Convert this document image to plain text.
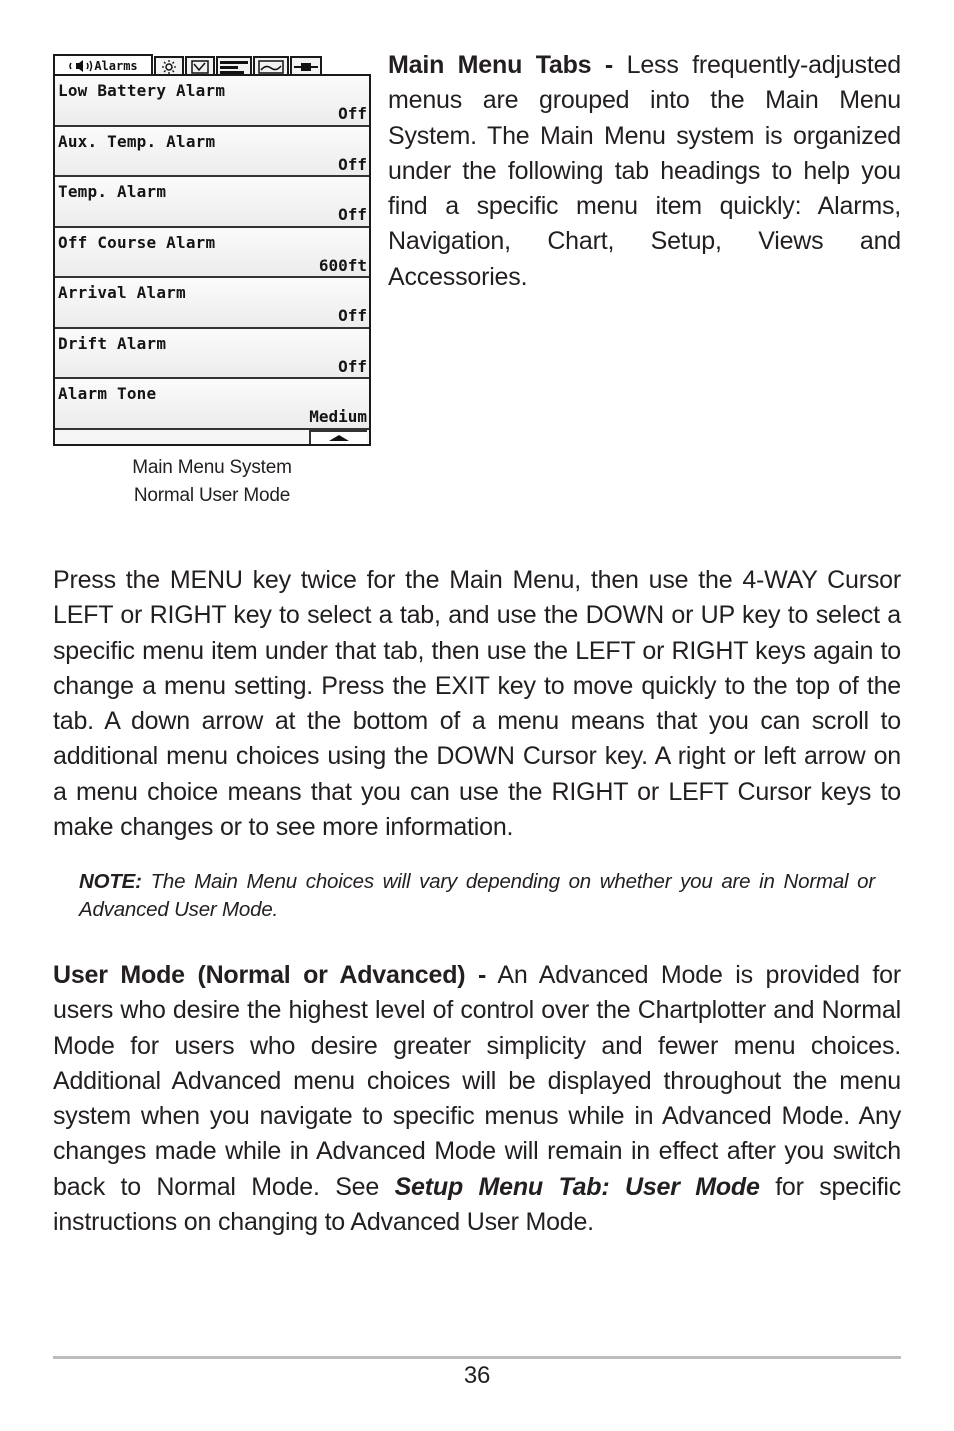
Alarms
Low Battery Alarm
Off
Aux. Temp. Alarm
Off
Temp. Alarm
Off
Off Course Alarm
600ft
Arrival Alarm
Off
Drift Alarm
Off
Alarm Tone
Medium
Main Menu System
Normal User Mode
Main Menu Tabs - Less frequently-adjusted menus are grouped into the Main Menu System. The Main Menu system is organized under the following tab headings to help you find a specific menu item quickly: Alarms, Navigation, Chart, Setup, Views and Accessories.
Press the MENU key twice for the Main Menu, then use the 4-WAY Cursor LEFT or RIGHT key to select a tab, and use the DOWN or UP key to select a specific menu item under that tab, then use the LEFT or RIGHT keys again to change a menu setting. Press the EXIT key to move quickly to the top of the tab. A down arrow at the bottom of a menu means that you can scroll to additional menu choices using the DOWN Cursor key. A right or left arrow on a menu choice means that you can use the RIGHT or LEFT Cursor keys to make changes or to see more information.
NOTE: The Main Menu choices will vary depending on whether you are in Normal or Advanced User Mode.
User Mode (Normal or Advanced) - An Advanced Mode is provided for users who desire the highest level of control over the Chartplotter and Normal Mode for users who desire greater simplicity and fewer menu choices. Additional Advanced menu choices will be displayed throughout the menu system when you navigate to specific menus while in Advanced Mode. Any changes made while in Advanced Mode will remain in effect after you switch back to Normal Mode. See Setup Menu Tab: User Mode for specific instructions on changing to Advanced User Mode.
36
